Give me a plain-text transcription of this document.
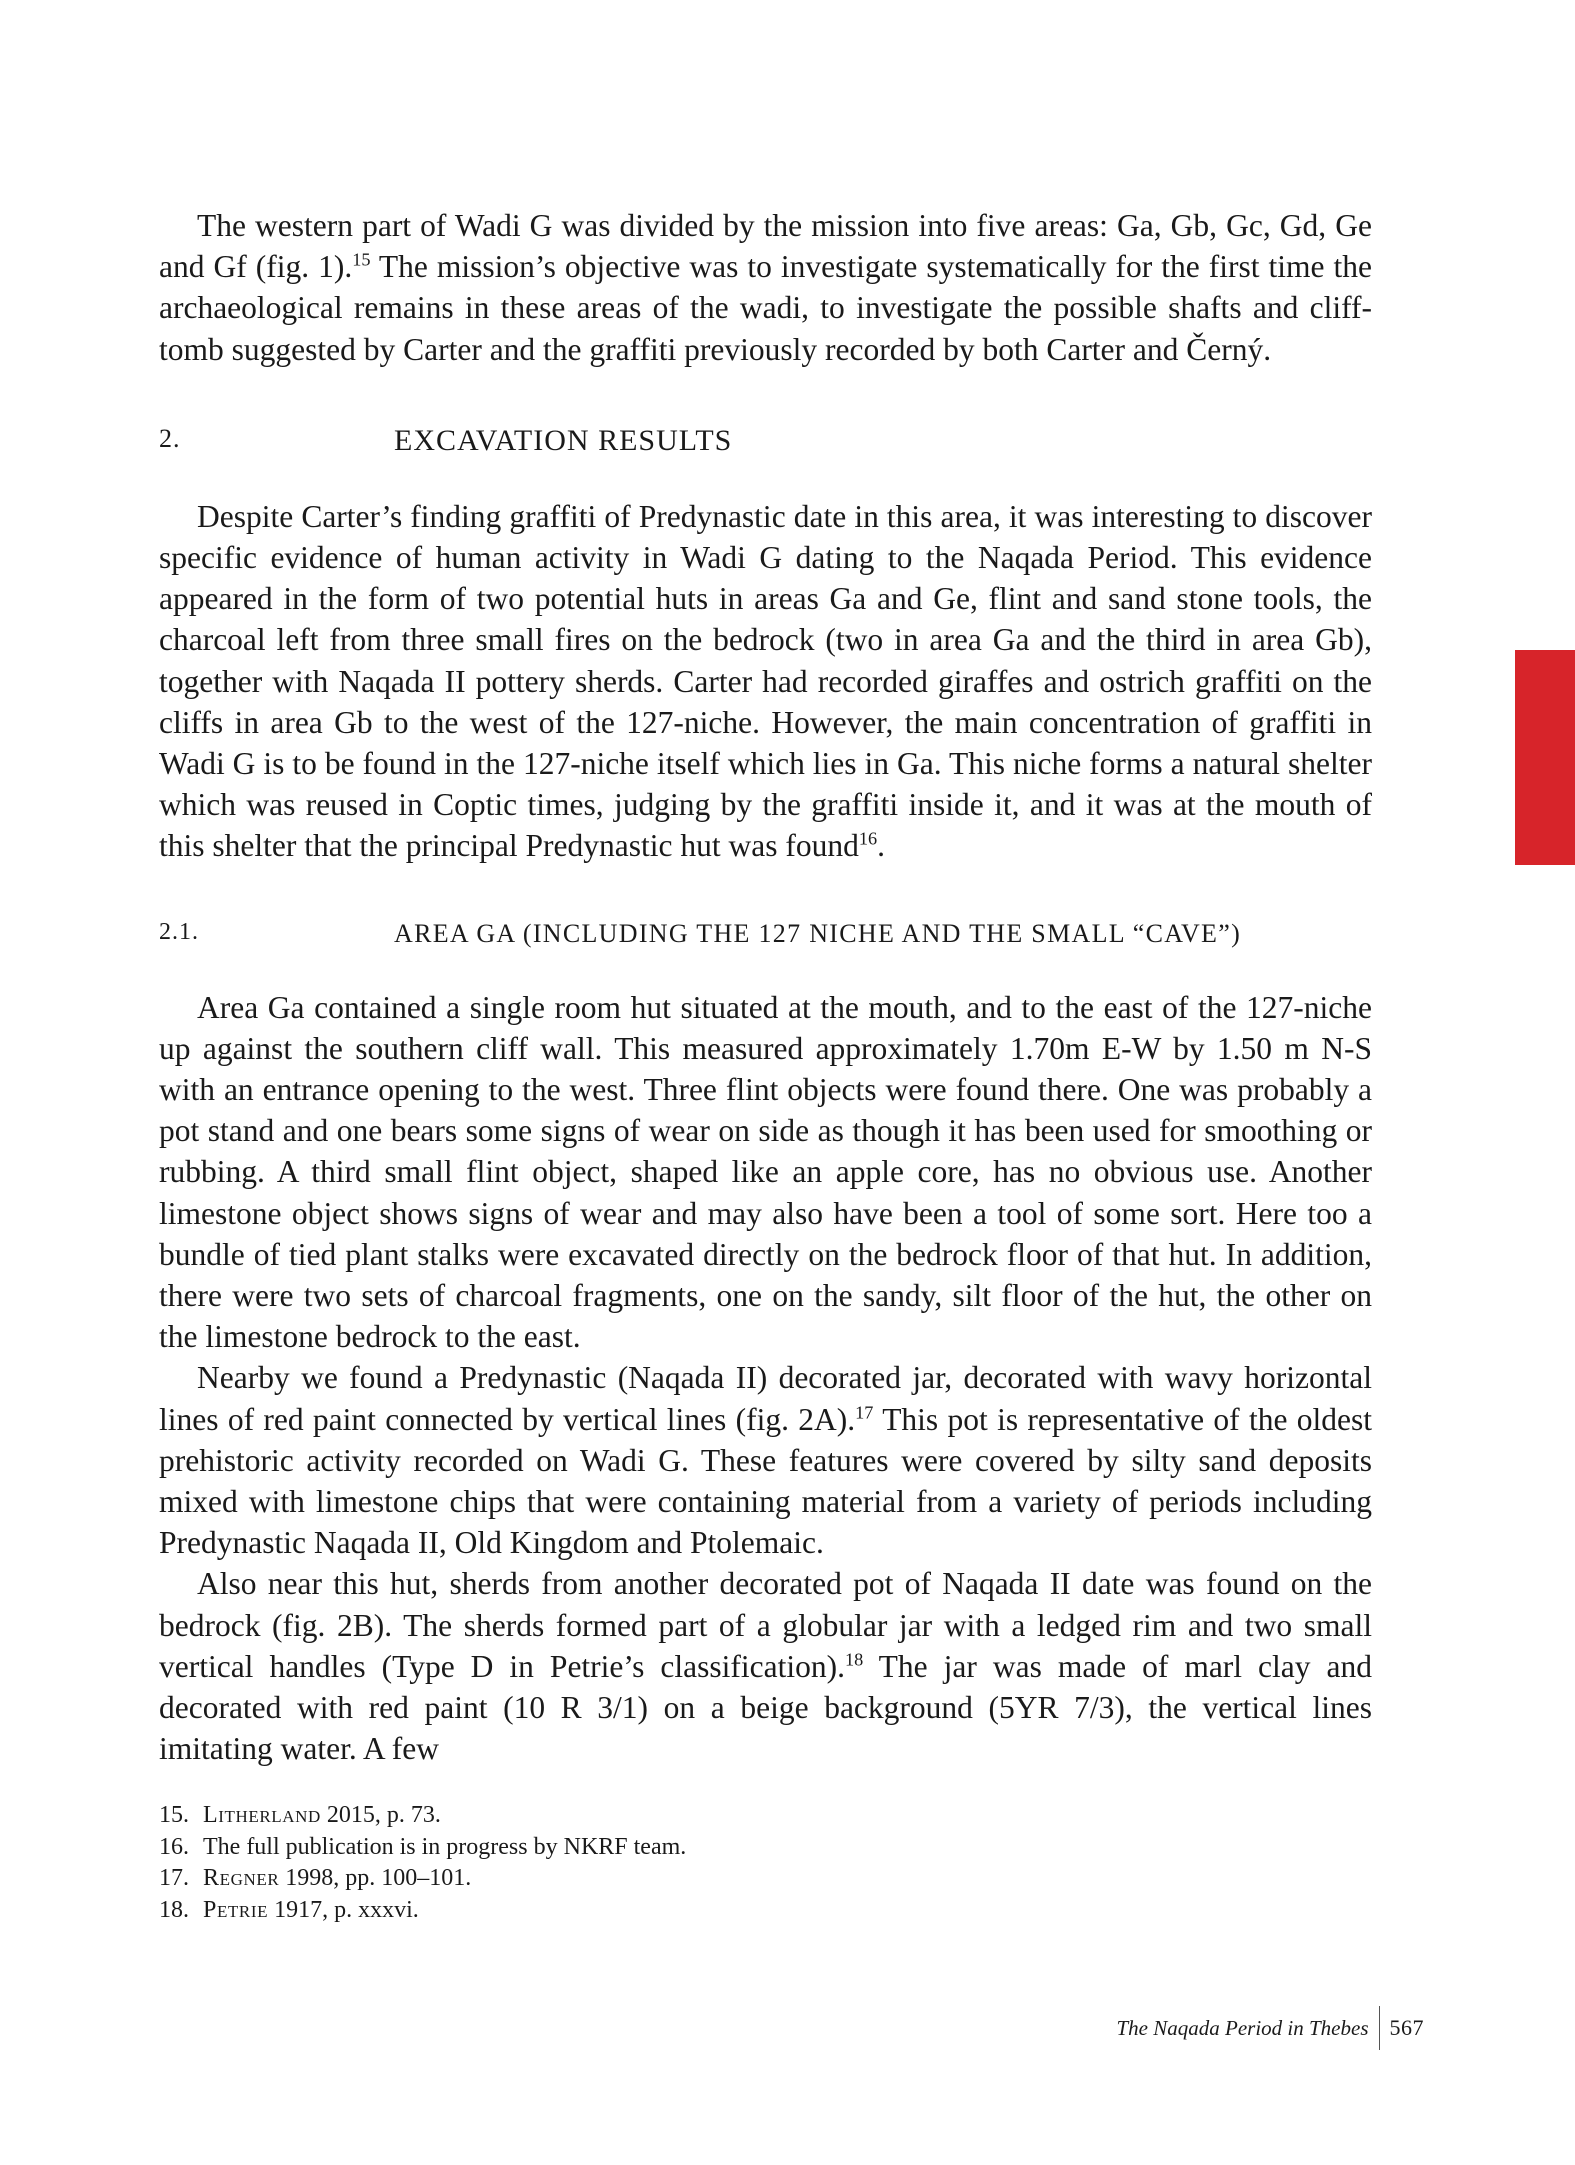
The western part of Wadi G was divided by the mission into five areas: Ga, Gb, Gc, Gd, Ge and Gf (fig. 1).$^{15}$ The mission’s objective was to investigate systematically for the first time the archaeological remains in these areas of the wadi, to investigate the possible shafts and cliff-tomb suggested by Carter and the graffiti previously recorded by both Carter and Černý.

2.	EXCAVATION RESULTS

Despite Carter’s finding graffiti of Predynastic date in this area, it was interesting to discover specific evidence of human activity in Wadi G dating to the Naqada Period. This evidence appeared in the form of two potential huts in areas Ga and Ge, flint and sand stone tools, the charcoal left from three small fires on the bedrock (two in area Ga and the third in area Gb), together with Naqada II pottery sherds. Carter had recorded giraffes and ostrich graffiti on the cliffs in area Gb to the west of the 127-niche. However, the main concentration of graffiti in Wadi G is to be found in the 127-niche itself which lies in Ga. This niche forms a natural shelter which was reused in Coptic times, judging by the graffiti inside it, and it was at the mouth of this shelter that the principal Predynastic hut was found$^{16}$.

2.1.	AREA GA (INCLUDING THE 127 NICHE AND THE SMALL “CAVE”)

Area Ga contained a single room hut situated at the mouth, and to the east of the 127-niche up against the southern cliff wall. This measured approximately 1.70m E-W by 1.50 m N-S with an entrance opening to the west. Three flint objects were found there. One was probably a pot stand and one bears some signs of wear on side as though it has been used for smoothing or rubbing. A third small flint object, shaped like an apple core, has no obvious use. Another limestone object shows signs of wear and may also have been a tool of some sort. Here too a bundle of tied plant stalks were excavated directly on the bedrock floor of that hut. In addition, there were two sets of charcoal fragments, one on the sandy, silt floor of the hut, the other on the limestone bedrock to the east.

Nearby we found a Predynastic (Naqada II) decorated jar, decorated with wavy horizontal lines of red paint connected by vertical lines (fig. 2A).$^{17}$ This pot is representative of the oldest prehistoric activity recorded on Wadi G. These features were covered by silty sand deposits mixed with limestone chips that were containing material from a variety of periods including Predynastic Naqada II, Old Kingdom and Ptolemaic.

Also near this hut, sherds from another decorated pot of Naqada II date was found on the bedrock (fig. 2B). The sherds formed part of a globular jar with a ledged rim and two small vertical handles (Type D in Petrie’s classification).$^{18}$ The jar was made of marl clay and decorated with red paint (10 R 3/1) on a beige background (5YR 7/3), the vertical lines imitating water. A few

15. Litherland 2015, p. 73.

16. The full publication is in progress by NKRF team.

17. Regner 1998, pp. 100–101.

18. Petrie 1917, p. xxxvi.

The Naqada Period in Thebes 567
